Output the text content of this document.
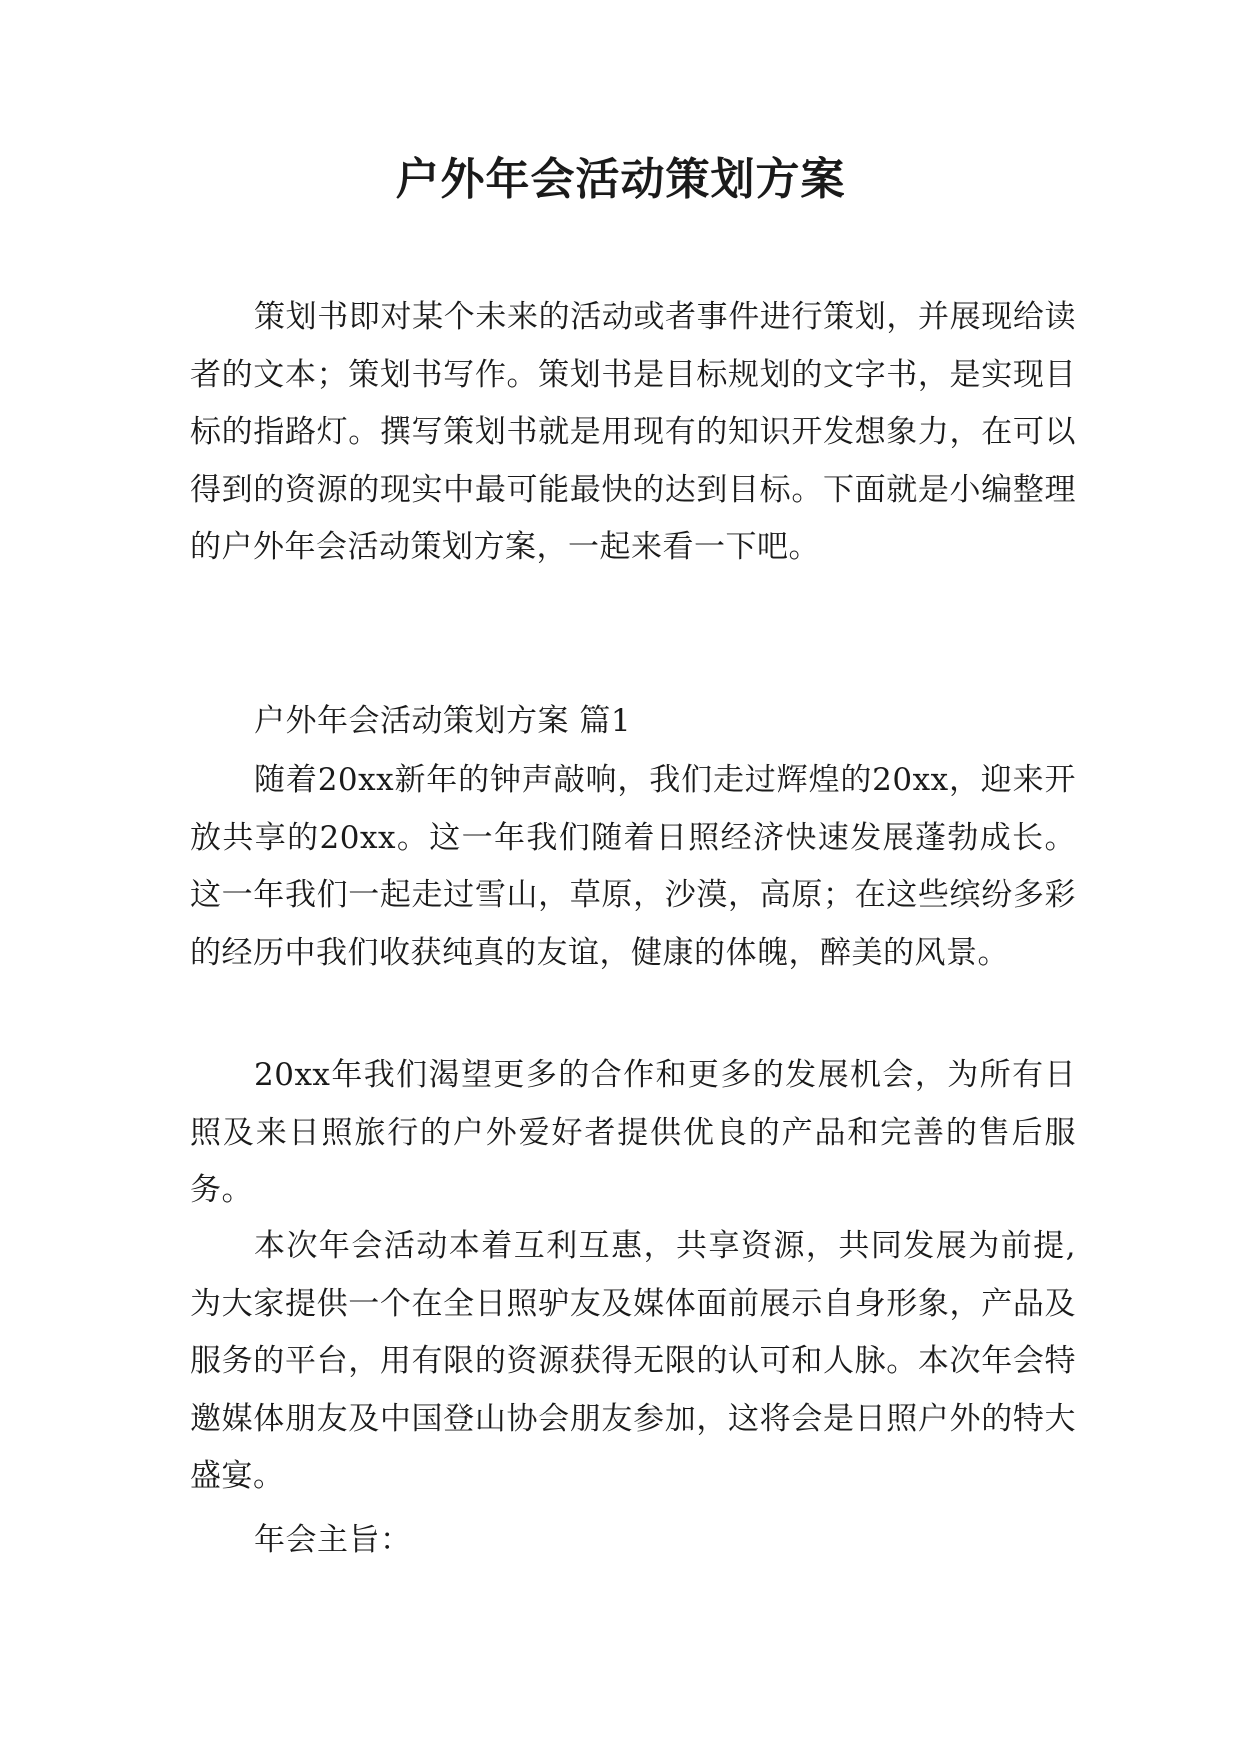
户外年会活动策划方案

策划书即对某个未来的活动或者事件进行策划，并展现给读者的文本；策划书写作。策划书是目标规划的文字书，是实现目标的指路灯。撰写策划书就是用现有的知识开发想象力，在可以得到的资源的现实中最可能最快的达到目标。下面就是小编整理的户外年会活动策划方案，一起来看一下吧。

户外年会活动策划方案 篇1

随着20xx新年的钟声敲响，我们走过辉煌的20xx，迎来开放共享的20xx。这一年我们随着日照经济快速发展蓬勃成长。这一年我们一起走过雪山，草原，沙漠，高原；在这些缤纷多彩的经历中我们收获纯真的友谊，健康的体魄，醉美的风景。

20xx年我们渴望更多的合作和更多的发展机会，为所有日照及来日照旅行的户外爱好者提供优良的产品和完善的售后服务。

本次年会活动本着互利互惠，共享资源，共同发展为前提,为大家提供一个在全日照驴友及媒体面前展示自身形象，产品及服务的平台，用有限的资源获得无限的认可和人脉。本次年会特邀媒体朋友及中国登山协会朋友参加，这将会是日照户外的特大盛宴。

年会主旨：
